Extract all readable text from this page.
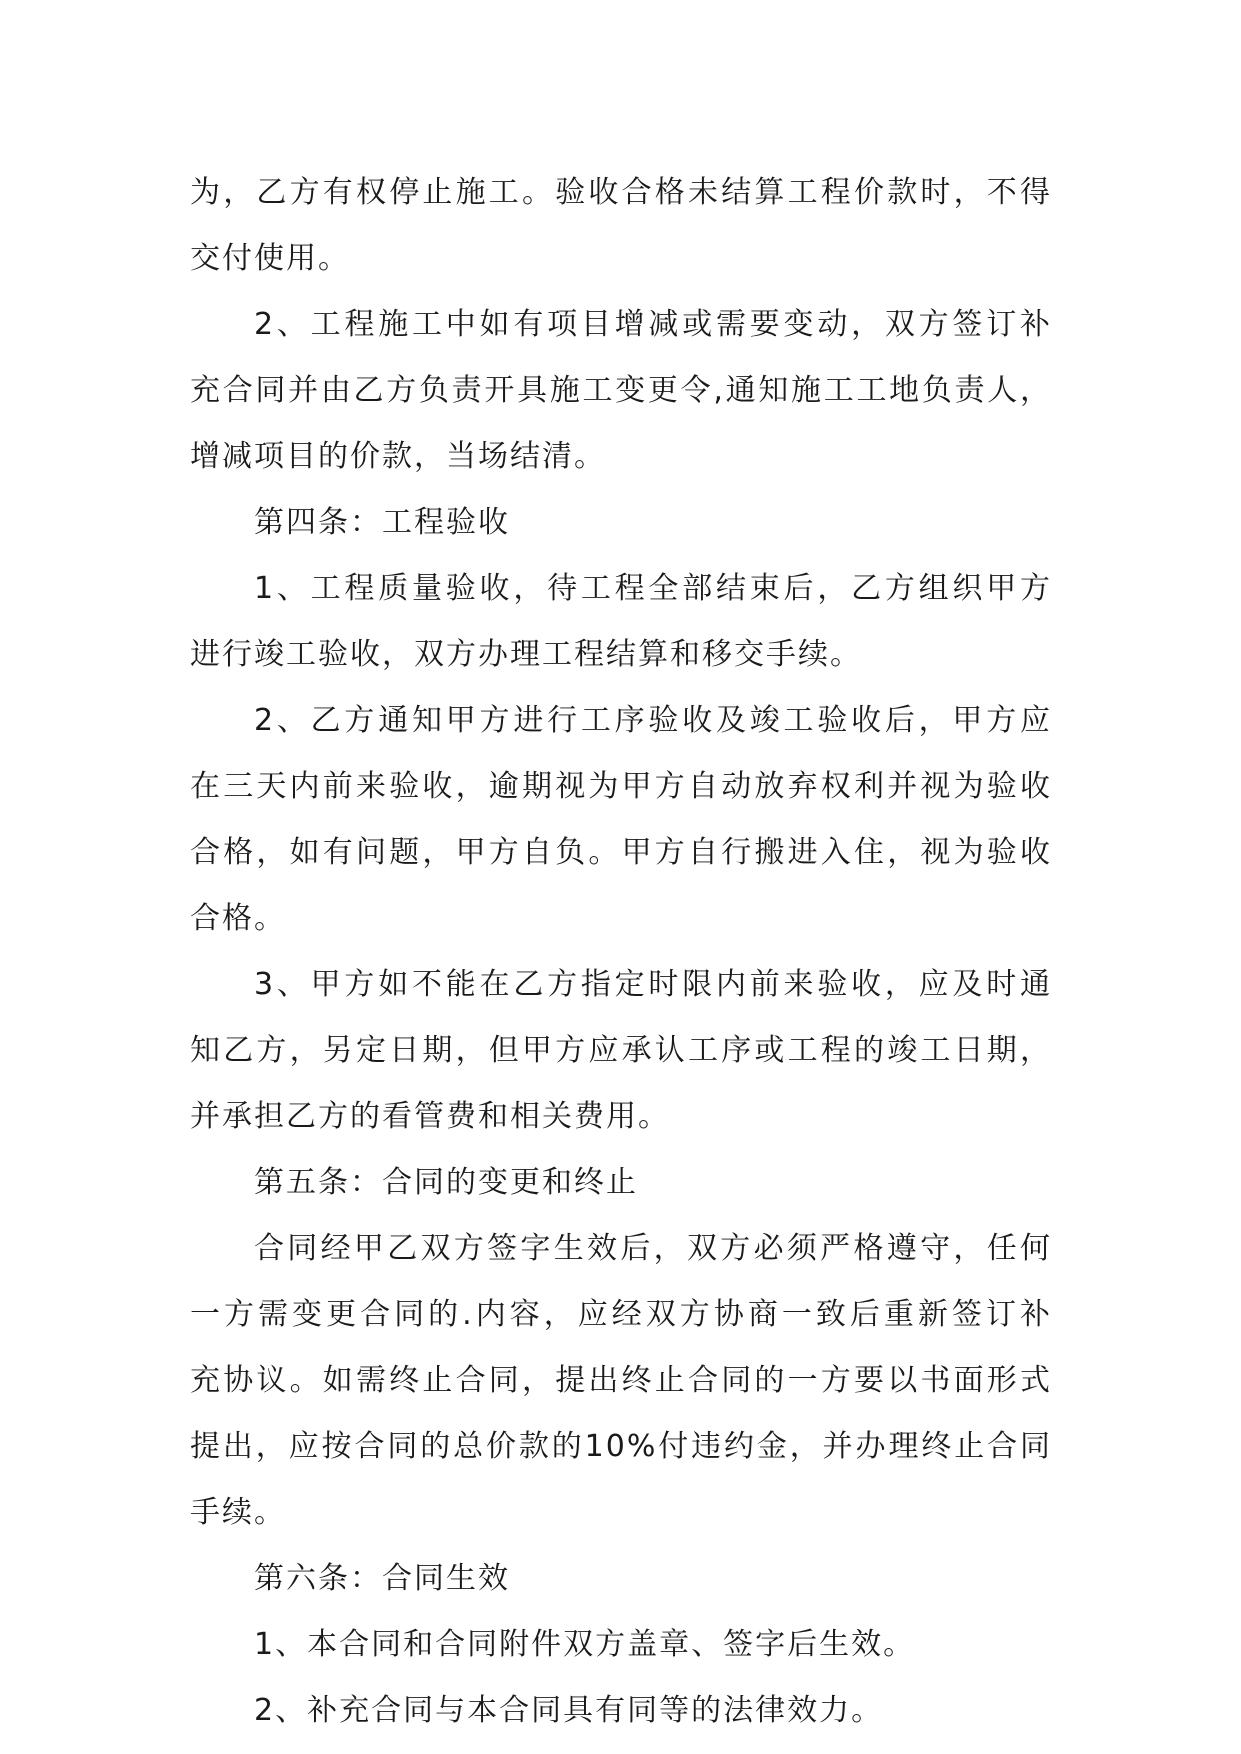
为，乙方有权停止施工。验收合格未结算工程价款时，不得
交付使用。
2、工程施工中如有项目增减或需要变动，双方签订补
充合同并由乙方负责开具施工变更令,通知施工工地负责人，
增减项目的价款，当场结清。
第四条：工程验收
1、工程质量验收，待工程全部结束后，乙方组织甲方
进行竣工验收，双方办理工程结算和移交手续。
2、乙方通知甲方进行工序验收及竣工验收后，甲方应
在三天内前来验收，逾期视为甲方自动放弃权利并视为验收
合格，如有问题，甲方自负。甲方自行搬进入住，视为验收
合格。
3、甲方如不能在乙方指定时限内前来验收，应及时通
知乙方，另定日期，但甲方应承认工序或工程的竣工日期，
并承担乙方的看管费和相关费用。
第五条：合同的变更和终止
合同经甲乙双方签字生效后，双方必须严格遵守，任何
一方需变更合同的.内容，应经双方协商一致后重新签订补
充协议。如需终止合同，提出终止合同的一方要以书面形式
提出，应按合同的总价款的10%付违约金，并办理终止合同
手续。
第六条：合同生效
1、本合同和合同附件双方盖章、签字后生效。
2、补充合同与本合同具有同等的法律效力。
